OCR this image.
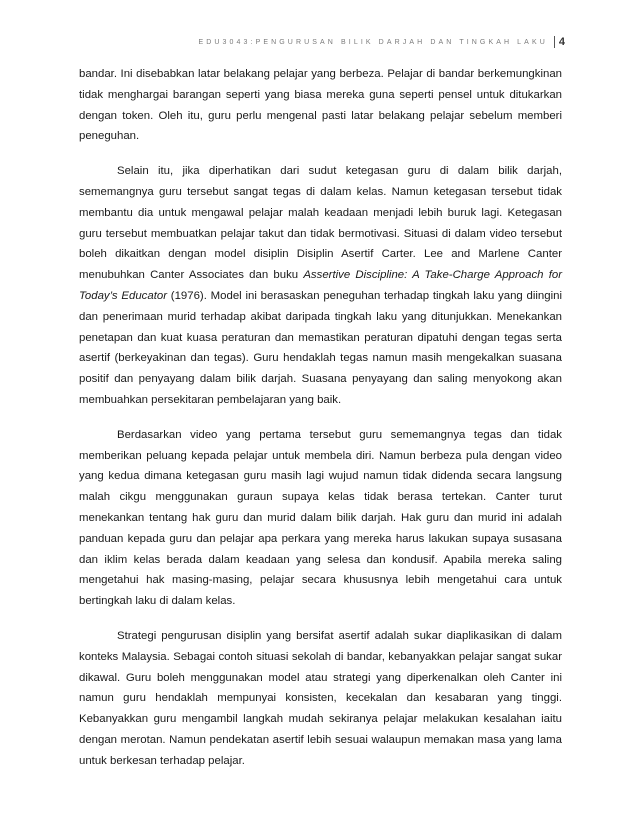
EDU3043:PENGURUSAN BILIK DARJAH DAN TINGKAH LAKU 4

bandar. Ini disebabkan latar belakang pelajar yang berbeza. Pelajar di bandar berkemungkinan tidak menghargai barangan seperti yang biasa mereka guna seperti pensel untuk ditukarkan dengan token. Oleh itu, guru perlu mengenal pasti latar belakang pelajar sebelum memberi peneguhan.

Selain itu, jika diperhatikan dari sudut ketegasan guru di dalam bilik darjah, sememangnya guru tersebut sangat tegas di dalam kelas. Namun ketegasan tersebut tidak membantu dia untuk mengawal pelajar malah keadaan menjadi lebih buruk lagi. Ketegasan guru tersebut membuatkan pelajar takut dan tidak bermotivasi. Situasi di dalam video tersebut boleh dikaitkan dengan model disiplin Disiplin Asertif Carter. Lee and Marlene Canter menubuhkan Canter Associates dan buku Assertive Discipline: A Take-Charge Approach for Today’s Educator (1976). Model ini berasaskan peneguhan terhadap tingkah laku yang diingini dan penerimaan murid terhadap akibat daripada tingkah laku yang ditunjukkan. Menekankan penetapan dan kuat kuasa peraturan dan memastikan peraturan dipatuhi dengan tegas serta asertif (berkeyakinan dan tegas). Guru hendaklah tegas namun masih mengekalkan suasana positif dan penyayang dalam bilik darjah. Suasana penyayang dan saling menyokong akan membuahkan persekitaran pembelajaran yang baik.

Berdasarkan video yang pertama tersebut guru sememangnya tegas dan tidak memberikan peluang kepada pelajar untuk membela diri. Namun berbeza pula dengan video yang kedua dimana ketegasan guru masih lagi wujud namun tidak didenda secara langsung malah cikgu menggunakan guraun supaya kelas tidak berasa tertekan. Canter turut menekankan tentang hak guru dan murid dalam bilik darjah. Hak guru dan murid ini adalah panduan kepada guru dan pelajar apa perkara yang mereka harus lakukan supaya susasana dan iklim kelas berada dalam keadaan yang selesa dan kondusif. Apabila mereka saling mengetahui hak masing-masing, pelajar secara khususnya lebih mengetahui cara untuk bertingkah laku di dalam kelas.

Strategi pengurusan disiplin yang bersifat asertif adalah sukar diaplikasikan di dalam konteks Malaysia. Sebagai contoh situasi sekolah di bandar, kebanyakkan pelajar sangat sukar dikawal. Guru boleh menggunakan model atau strategi yang diperkenalkan oleh Canter ini namun guru hendaklah mempunyai konsisten, kecekalan dan kesabaran yang tinggi. Kebanyakkan guru mengambil langkah mudah sekiranya pelajar melakukan kesalahan iaitu dengan merotan. Namun pendekatan asertif lebih sesuai walaupun memakan masa yang lama untuk berkesan terhadap pelajar.
